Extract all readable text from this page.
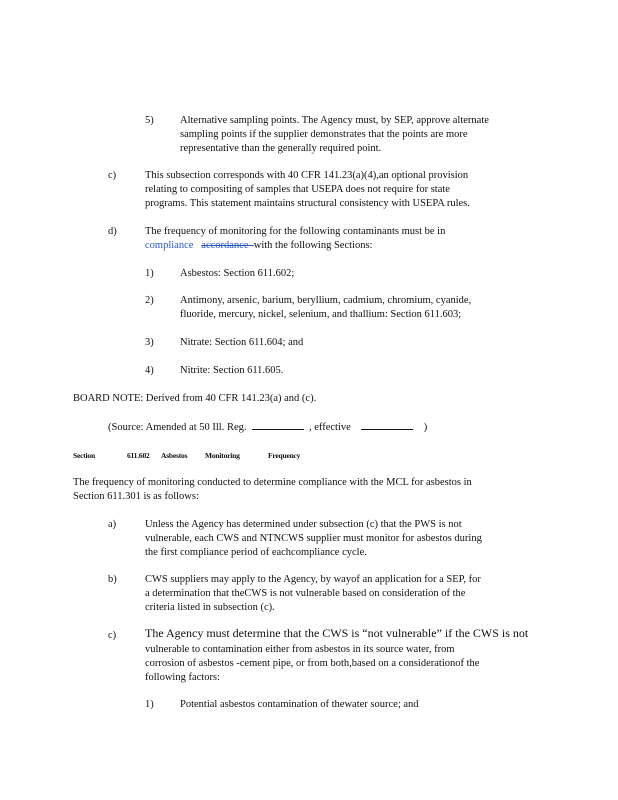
5)	Alternative sampling points. The Agency must, by SEP, approve alternate
sampling points if the supplier demonstrates that the points are more
representative than the generally required point.
c)	This subsection corresponds with 40 CFR 141.23(a)(4),an optional provision
relating to compositing of samples that USEPA does not require for state
programs. This statement maintains structural consistency with USEPA rules.
d)	The frequency of monitoring for the following contaminants must be in
compliance accordance with the following Sections:
1)	Asbestos: Section 611.602;
2)	Antimony, arsenic, barium, beryllium, cadmium, chromium, cyanide,
fluoride, mercury, nickel, selenium, and thallium: Section 611.603;
3)	Nitrate: Section 611.604; and
4)	Nitrite: Section 611.605.
BOARD NOTE: Derived from 40 CFR 141.23(a) and (c).
(Source: Amended at 50 Ill. Reg.	, effective	)
Section	611.602 Asbestos Monitoring	Frequency
The frequency of monitoring conducted to determine compliance with the MCL for asbestos in
Section 611.301 is as follows:
a)	Unless the Agency has determined under subsection (c) that the PWS is not
vulnerable, each CWS and NTNCWS supplier must monitor for asbestos during
the first compliance period of eachcompliance cycle.
b)	CWS suppliers may apply to the Agency, by wayof an application for a SEP, for
a determination that theCWS is not vulnerable based on consideration of the
criteria listed in subsection (c).
c) The Agency must determine that the CWS is “not vulnerable” if the CWS is not
vulnerable to contamination either from asbestos in its source water, from
corrosion of asbestos -cement pipe, or from both,based on a considerationof the
following factors:
1)	Potential asbestos contamination of thewater source; and
